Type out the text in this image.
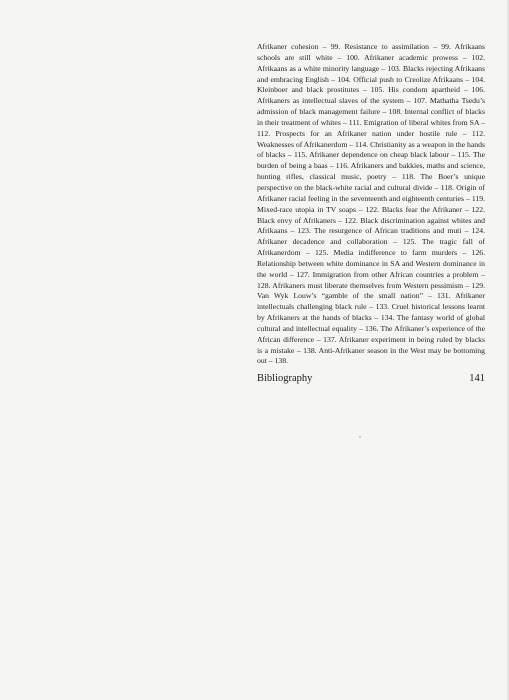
Afrikaner cohesion – 99. Resistance to assimilation – 99. Afrikaans schools are still white – 100. Afrikaner academic prowess – 102. Afrikaans as a white minority language – 103. Blacks rejecting Afrikaans and embracing English – 104. Official push to Creolize Afrikaans – 104. Kleinboer and black prostitutes – 105. His condom apartheid – 106. Afrikaners as intellectual slaves of the system – 107. Mathatha Tsedu’s admission of black management failure – 108. Internal conflict of blacks in their treatment of whites – 111. Emigration of liberal whites from SA – 112. Prospects for an Afrikaner nation under hostile rule – 112. Weaknesses of Afrikanerdom – 114. Christianity as a weapon in the hands of blacks – 115. Afrikaner dependence on cheap black labour – 115. The burden of being a baas – 116. Afrikaners and bakkies, maths and science, hunting rifles, classical music, poetry – 118. The Boer’s unique perspective on the black-white racial and cultural divide – 118. Origin of Afrikaner racial feeling in the seventeenth and eighteenth centuries – 119. Mixed-race utopia in TV soaps – 122. Blacks fear the Afrikaner – 122. Black envy of Afrikaners – 122. Black discrimination against whites and Afrikaans – 123. The resurgence of African traditions and muti – 124. Afrikaner decadence and collaboration – 125. The tragic fall of Afrikanerdom – 125. Media indifference to farm murders – 126. Relationship between white dominance in SA and Western dominance in the world – 127. Immigration from other African countries a problem – 128. Afrikaners must liberate themselves from Western pessimism – 129. Van Wyk Louw’s “gamble of the small nation” – 131. Afrikaner intellectuals challenging black rule – 133. Cruel historical lessons learnt by Afrikaners at the hands of blacks – 134. The fantasy world of global cultural and intellectual equality – 136. The Afrikaner’s experience of the African difference – 137. Afrikaner experiment in being ruled by blacks is a mistake – 138. Anti-Afrikaner season in the West may be bottoming out – 138.

Bibliography	141
